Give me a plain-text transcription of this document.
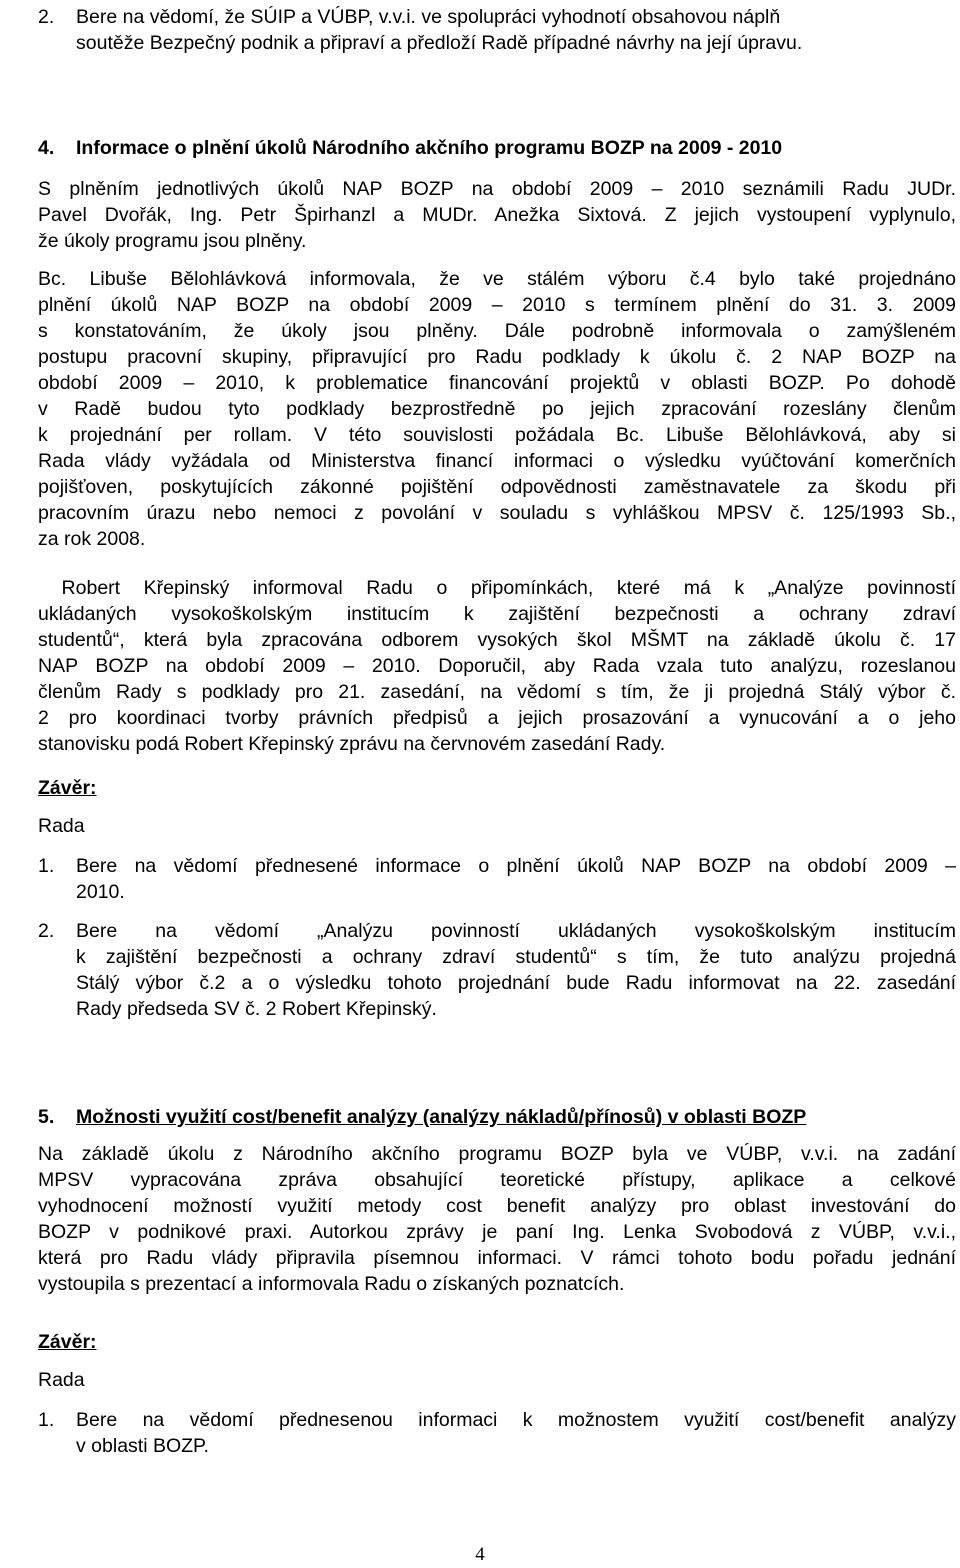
2. Bere na vědomí, že SÚIP a VÚBP, v.v.i. ve spolupráci vyhodnotí obsahovou náplň
soutěže Bezpečný podnik a připraví a předloží Radě případné návrhy na její úpravu.
4. Informace o plnění úkolů Národního akčního programu BOZP na 2009 - 2010
S plněním jednotlivých úkolů NAP BOZP na období 2009 – 2010 seznámili Radu JUDr.
Pavel Dvořák, Ing. Petr Špirhanzl a MUDr. Anežka Sixtová. Z jejich vystoupení vyplynulo,
že úkoly programu jsou plněny.
Bc. Libuše Bělohlávková informovala, že ve stálém výboru č.4 bylo také projednáno
plnění úkolů NAP BOZP na období 2009 – 2010 s termínem plnění do 31. 3. 2009
s konstatováním, že úkoly jsou plněny. Dále podrobně informovala o zamýšleném
postupu pracovní skupiny, připravující pro Radu podklady k úkolu č. 2 NAP BOZP na
období 2009 – 2010, k problematice financování projektů v oblasti BOZP. Po dohodě
v Radě budou tyto podklady bezprostředně po jejich zpracování rozeslány členům
k projednání per rollam. V této souvislosti požádala Bc. Libuše Bělohlávková, aby si
Rada vlády vyžádala od Ministerstva financí informaci o výsledku vyúčtování komerčních
pojišťoven, poskytujících zákonné pojištění odpovědnosti zaměstnavatele za škodu při
pracovním úrazu nebo nemoci z povolání v souladu s vyhláškou MPSV č. 125/1993 Sb.,
za rok 2008.
Robert Křepinský informoval Radu o připomínkách, které má k „Analýze povinností
ukládaných vysokoškolským institucím k zajištění bezpečnosti a ochrany zdraví
studentů“, která byla zpracována odborem vysokých škol MŠMT na základě úkolu č. 17
NAP BOZP na období 2009 – 2010. Doporučil, aby Rada vzala tuto analýzu, rozeslanou
členům Rady s podklady pro 21. zasedání, na vědomí s tím, že ji projedná Stálý výbor č.
2 pro koordinaci tvorby právních předpisů a jejich prosazování a vynucování a o jeho
stanovisku podá Robert Křepinský zprávu na červnovém zasedání Rady.
Závěr:
Rada
1. Bere na vědomí přednesené informace o plnění úkolů NAP BOZP na období 2009 –
2010.
2. Bere na vědomí „Analýzu povinností ukládaných vysokoškolským institucím
k zajištění bezpečnosti a ochrany zdraví studentů“ s tím, že tuto analýzu projedná
Stálý výbor č.2 a o výsledku tohoto projednání bude Radu informovat na 22. zasedání
Rady předseda SV č. 2 Robert Křepinský.
5. Možnosti využití cost/benefit analýzy (analýzy nákladů/přínosů) v oblasti BOZP
Na základě úkolu z Národního akčního programu BOZP byla ve VÚBP, v.v.i. na zadání
MPSV vypracována zpráva obsahující teoretické přístupy, aplikace a celkové
vyhodnocení možností využití metody cost benefit analýzy pro oblast investování do
BOZP v podnikové praxi. Autorkou zprávy je paní Ing. Lenka Svobodová z VÚBP, v.v.i.,
která pro Radu vlády připravila písemnou informaci. V rámci tohoto bodu pořadu jednání
vystoupila s prezentací a informovala Radu o získaných poznatcích.
Závěr:
Rada
1. Bere na vědomí přednesenou informaci k možnostem využití cost/benefit analýzy
v oblasti BOZP.
4
